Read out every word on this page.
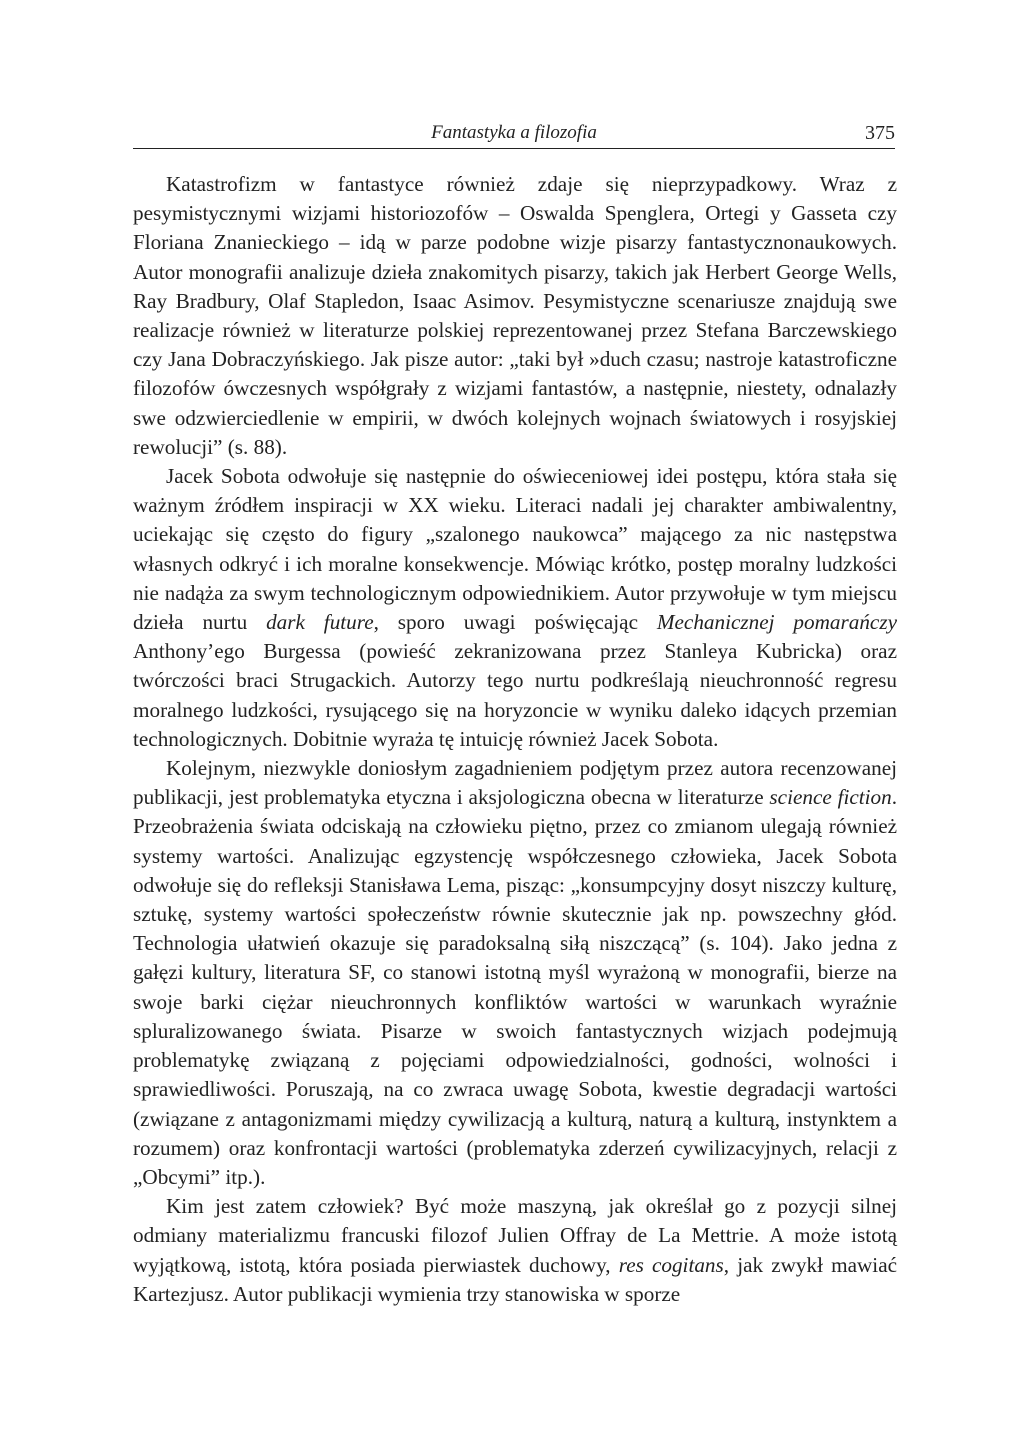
Fantastyka a filozofia	375

Katastrofizm w fantastyce również zdaje się nieprzypadkowy. Wraz z pesymistycznymi wizjami historiozofów – Oswalda Spenglera, Ortegi y Gasseta czy Floriana Znanieckiego – idą w parze podobne wizje pisarzy fantastycznonaukowych. Autor monografii analizuje dzieła znakomitych pisarzy, takich jak Herbert George Wells, Ray Bradbury, Olaf Stapledon, Isaac Asimov. Pesymistyczne scenariusze znajdują swe realizacje również w literaturze polskiej reprezentowanej przez Stefana Barczewskiego czy Jana Dobraczyńskiego. Jak pisze autor: „taki był »duch czasu; nastroje katastroficzne filozofów ówczesnych współgrały z wizjami fantastów, a następnie, niestety, odnalazły swe odzwierciedlenie w empirii, w dwóch kolejnych wojnach światowych i rosyjskiej rewolucji” (s. 88).

Jacek Sobota odwołuje się następnie do oświeceniowej idei postępu, która stała się ważnym źródłem inspiracji w XX wieku. Literaci nadali jej charakter ambiwalentny, uciekając się często do figury „szalonego naukowca” mającego za nic następstwa własnych odkryć i ich moralne konsekwencje. Mówiąc krótko, postęp moralny ludzkości nie nadąża za swym technologicznym odpowiednikiem. Autor przywołuje w tym miejscu dzieła nurtu dark future, sporo uwagi poświęcając Mechanicznej pomarańczy Anthony’ego Burgessa (powieść zekranizowana przez Stanleya Kubricka) oraz twórczości braci Strugackich. Autorzy tego nurtu podkreślają nieuchronność regresu moralnego ludzkości, rysującego się na horyzoncie w wyniku daleko idących przemian technologicznych. Dobitnie wyraża tę intuicję również Jacek Sobota.

Kolejnym, niezwykle doniosłym zagadnieniem podjętym przez autora recenzowanej publikacji, jest problematyka etyczna i aksjologiczna obecna w literaturze science fiction. Przeobrażenia świata odciskają na człowieku piętno, przez co zmianom ulegają również systemy wartości. Analizując egzystencję współczesnego człowieka, Jacek Sobota odwołuje się do refleksji Stanisława Lema, pisząc: „konsumpcyjny dosyt niszczy kulturę, sztukę, systemy wartości społeczeństw równie skutecznie jak np. powszechny głód. Technologia ułatwień okazuje się paradoksalną siłą niszczącą” (s. 104). Jako jedna z gałęzi kultury, literatura SF, co stanowi istotną myśl wyrażoną w monografii, bierze na swoje barki ciężar nieuchronnych konfliktów wartości w warunkach wyraźnie spluralizowanego świata. Pisarze w swoich fantastycznych wizjach podejmują problematykę związaną z pojęciami odpowiedzialności, godności, wolności i sprawiedliwości. Poruszają, na co zwraca uwagę Sobota, kwestie degradacji wartości (związane z antagonizmami między cywilizacją a kulturą, naturą a kulturą, instynktem a rozumem) oraz konfrontacji wartości (problematyka zderzeń cywilizacyjnych, relacji z „Obcymi” itp.).

Kim jest zatem człowiek? Być może maszyną, jak określał go z pozycji silnej odmiany materializmu francuski filozof Julien Offray de La Mettrie. A może istotą wyjątkową, istotą, która posiada pierwiastek duchowy, res cogitans, jak zwykł mawiać Kartezjusz. Autor publikacji wymienia trzy stanowiska w sporze
